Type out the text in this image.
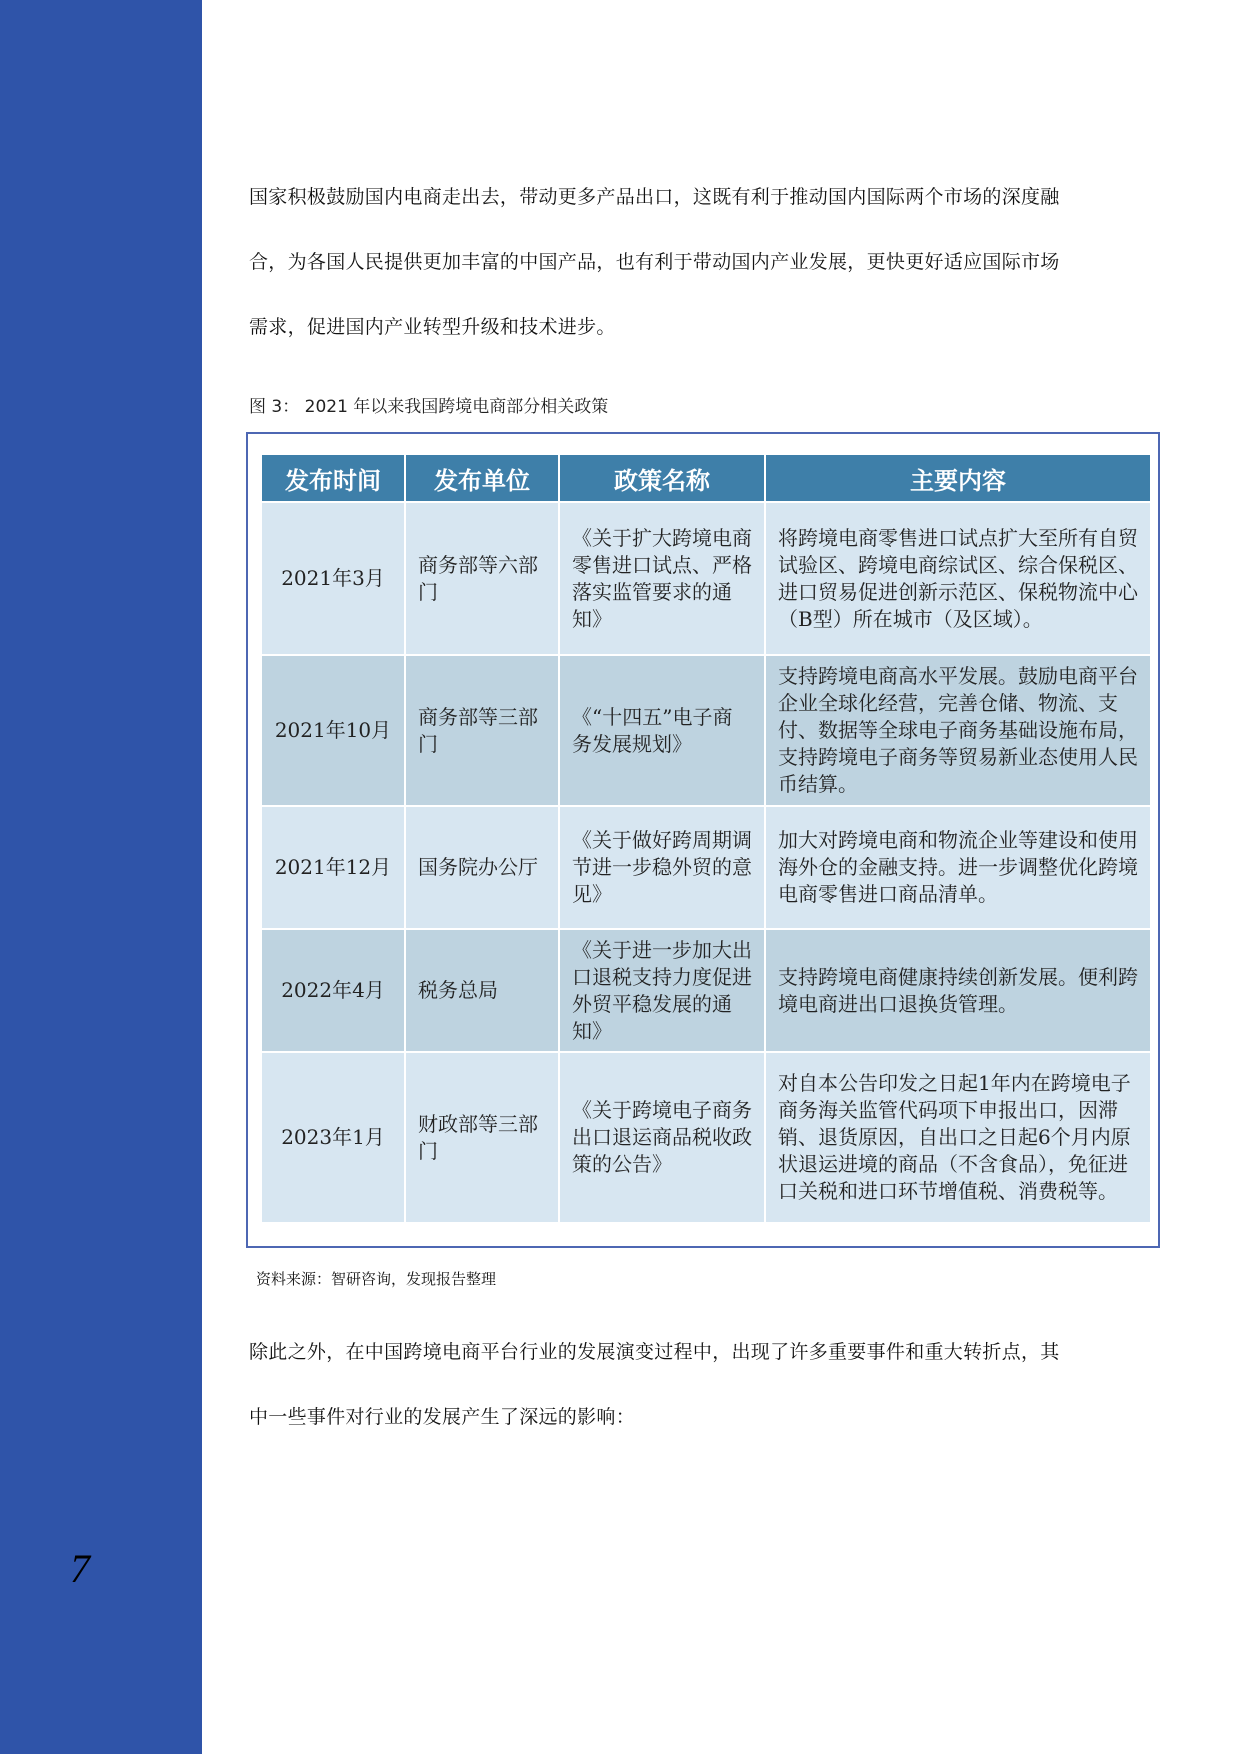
7
国家积极鼓励国内电商走出去，带动更多产品出口，这既有利于推动国内国际两个市场的深度融
合，为各国人民提供更加丰富的中国产品，也有利于带动国内产业发展，更快更好适应国际市场
需求，促进国内产业转型升级和技术进步。
图 3： 2021 年以来我国跨境电商部分相关政策
发布时间	发布单位	政策名称	主要内容
2021年3月	商务部等六部门	《关于扩大跨境电商零售进口试点、严格落实监管要求的通知》	将跨境电商零售进口试点扩大至所有自贸试验区、跨境电商综试区、综合保税区、进口贸易促进创新示范区、保税物流中心（B型）所在城市（及区域）。
2021年10月	商务部等三部门	《“十四五”电子商务发展规划》	支持跨境电商高水平发展。鼓励电商平台企业全球化经营，完善仓储、物流、支付、数据等全球电子商务基础设施布局，支持跨境电子商务等贸易新业态使用人民币结算。
2021年12月	国务院办公厅	《关于做好跨周期调节进一步稳外贸的意见》	加大对跨境电商和物流企业等建设和使用海外仓的金融支持。进一步调整优化跨境电商零售进口商品清单。
2022年4月	税务总局	《关于进一步加大出口退税支持力度促进外贸平稳发展的通知》	支持跨境电商健康持续创新发展。便利跨境电商进出口退换货管理。
2023年1月	财政部等三部门	《关于跨境电子商务出口退运商品税收政策的公告》	对自本公告印发之日起1年内在跨境电子商务海关监管代码项下申报出口，因滞销、退货原因，自出口之日起6个月内原状退运进境的商品（不含食品），免征进口关税和进口环节增值税、消费税等。
资料来源：智研咨询，发现报告整理
除此之外，在中国跨境电商平台行业的发展演变过程中，出现了许多重要事件和重大转折点，其
中一些事件对行业的发展产生了深远的影响：
